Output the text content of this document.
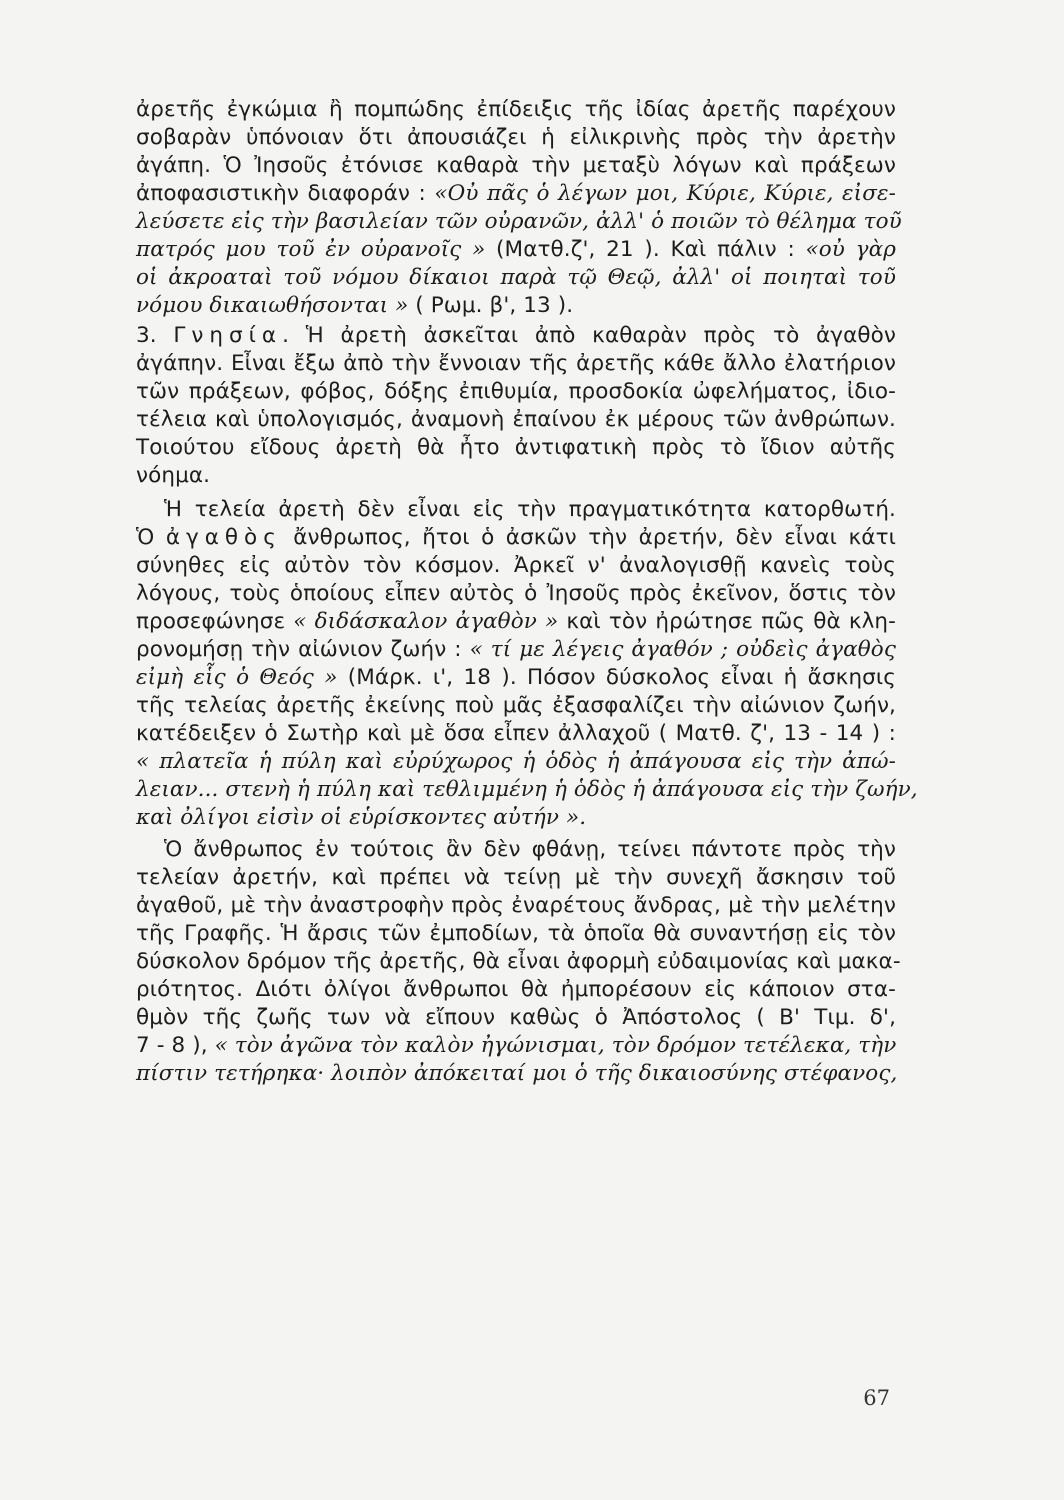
ἀρετῆς ἐγκώμια ἢ πομπώδης ἐπίδειξις τῆς ἰδίας ἀρετῆς παρέχουν
σοβαρὰν ὑπόνοιαν ὅτι ἀπουσιάζει ἡ εἰλικρινὴς πρὸς τὴν ἀρετὴν
ἀγάπη. Ὁ Ἰησοῦς ἐτόνισε καθαρὰ τὴν μεταξὺ λόγων καὶ πράξεων
ἀποφασιστικὴν διαφοράν : «Οὐ πᾶς ὁ λέγων μοι, Κύριε, Κύριε, εἰσε-
λεύσετε εἰς τὴν βασιλείαν τῶν οὐρανῶν, ἀλλ' ὁ ποιῶν τὸ θέλημα τοῦ
πατρός μου τοῦ ἐν οὐρανοῖς » (Ματθ.ζ', 21 ). Καὶ πάλιν : «οὐ γὰρ
οἱ ἀκροαταὶ τοῦ νόμου δίκαιοι παρὰ τῷ Θεῷ, ἀλλ' οἱ ποιηταὶ τοῦ
νόμου δικαιωθήσονται » ( Ρωμ. β', 13 ).
3. Γνησία. Ἡ ἀρετὴ ἀσκεῖται ἀπὸ καθαρὰν πρὸς τὸ ἀγαθὸν
ἀγάπην. Εἶναι ἔξω ἀπὸ τὴν ἔννοιαν τῆς ἀρετῆς κάθε ἄλλο ἐλατήριον
τῶν πράξεων, φόβος, δόξης ἐπιθυμία, προσδοκία ὠφελήματος, ἰδιο-
τέλεια καὶ ὑπολογισμός, ἀναμονὴ ἐπαίνου ἐκ μέρους τῶν ἀνθρώπων.
Τοιούτου εἴδους ἀρετὴ θὰ ἦτο ἀντιφατικὴ πρὸς τὸ ἴδιον αὐτῆς
νόημα.
Ἡ τελεία ἀρετὴ δὲν εἶναι εἰς τὴν πραγματικότητα κατορθωτή.
Ὁ ἀγαθὸς ἄνθρωπος, ἤτοι ὁ ἀσκῶν τὴν ἀρετήν, δὲν εἶναι κάτι
σύνηθες εἰς αὐτὸν τὸν κόσμον. Ἀρκεῖ ν' ἀναλογισθῇ κανεὶς τοὺς
λόγους, τοὺς ὁποίους εἶπεν αὐτὸς ὁ Ἰησοῦς πρὸς ἐκεῖνον, ὅστις τὸν
προσεφώνησε « διδάσκαλον ἀγαθὸν » καὶ τὸν ἠρώτησε πῶς θὰ κλη-
ρονομήσῃ τὴν αἰώνιον ζωήν : « τί με λέγεις ἀγαθόν ; οὐδεὶς ἀγαθὸς
εἰμὴ εἷς ὁ Θεός » (Μάρκ. ι', 18 ). Πόσον δύσκολος εἶναι ἡ ἄσκησις
τῆς τελείας ἀρετῆς ἐκείνης ποὺ μᾶς ἐξασφαλίζει τὴν αἰώνιον ζωήν,
κατέδειξεν ὁ Σωτὴρ καὶ μὲ ὅσα εἶπεν ἀλλαχοῦ ( Ματθ. ζ', 13 - 14 ) :
« πλατεῖα ἡ πύλη καὶ εὐρύχωρος ἡ ὁδὸς ἡ ἀπάγουσα εἰς τὴν ἀπώ-
λειαν... στενὴ ἡ πύλη καὶ τεθλιμμένη ἡ ὁδὸς ἡ ἀπάγουσα εἰς τὴν ζωήν,
καὶ ὀλίγοι εἰσὶν οἱ εὑρίσκοντες αὐτήν ».
Ὁ ἄνθρωπος ἐν τούτοις ἂν δὲν φθάνῃ, τείνει πάντοτε πρὸς τὴν
τελείαν ἀρετήν, καὶ πρέπει νὰ τείνῃ μὲ τὴν συνεχῆ ἄσκησιν τοῦ
ἀγαθοῦ, μὲ τὴν ἀναστροφὴν πρὸς ἐναρέτους ἄνδρας, μὲ τὴν μελέτην
τῆς Γραφῆς. Ἡ ἄρσις τῶν ἐμποδίων, τὰ ὁποῖα θὰ συναντήσῃ εἰς τὸν
δύσκολον δρόμον τῆς ἀρετῆς, θὰ εἶναι ἀφορμὴ εὐδαιμονίας καὶ μακα-
ριότητος. Διότι ὀλίγοι ἄνθρωποι θὰ ἠμπορέσουν εἰς κάποιον στα-
θμὸν τῆς ζωῆς των νὰ εἴπουν καθὼς ὁ Ἀπόστολος ( Β' Τιμ. δ',
7 - 8 ), « τὸν ἀγῶνα τὸν καλὸν ἠγώνισμαι, τὸν δρόμον τετέλεκα, τὴν
πίστιν τετήρηκα· λοιπὸν ἀπόκειταί μοι ὁ τῆς δικαιοσύνης στέφανος,
67
